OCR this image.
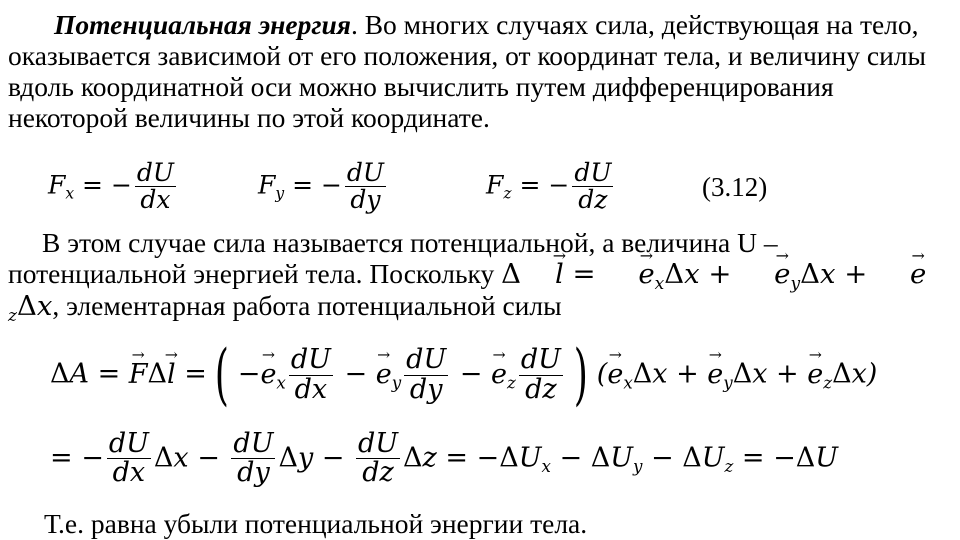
Потенциальная энергия. Во многих случаях сила, действующая на тело, оказывается зависимой от его положения, от координат тела, и величину силы вдоль координатной оси можно вычислить путем дифференцирования некоторой величины по этой координате.

$F_x$ = − $\frac{dU}{dx}$	$F_y$ = − $\frac{dU}{dy}$	$F_z$ = − $\frac{dU}{dz}$	(3.12)

В этом случае сила называется потенциальной, а величина U – потенциальной энергией тела. Поскольку Δ l → = $e \to_x\Delta x + e \to_y\Delta x + e \to_z\Delta x$, элементарная работа потенциальной силы

ΔA = F →Δl → = ( $-e \to_x \frac{dU}{dx} - e \to_y \frac{dU}{dy} - e \to_z \frac{dU}{dz}$ ) $(e \to_x\Delta x + e \to_y\Delta x + e \to_z\Delta x)$
= − $\frac{dU}{dx}$ $\Delta x - \frac{dU}{dy}$ $\Delta y - \frac{dU}{dz}$ $\Delta z = -\Delta U_x - \Delta U_y - \Delta U_z = -\Delta U$

Т.е. равна убыли потенциальной энергии тела.
